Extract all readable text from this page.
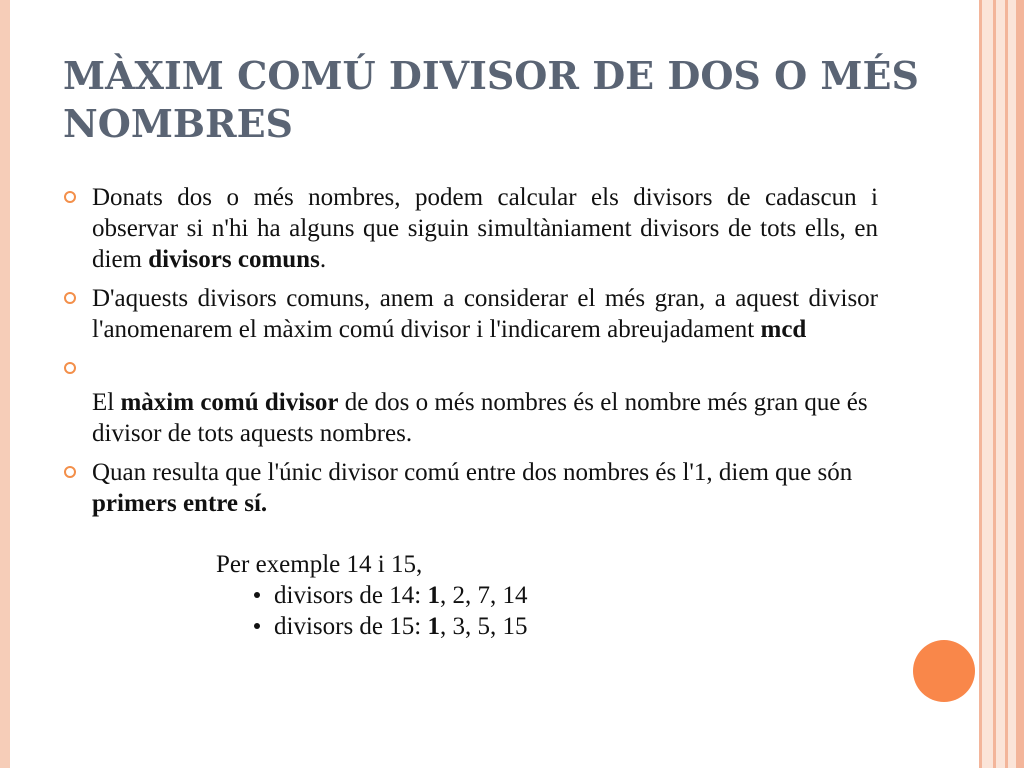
MÀXIM COMÚ DIVISOR DE DOS O MÉS NOMBRES
Donats dos o més nombres, podem calcular els divisors de cadascun i observar si n'hi ha alguns que siguin simultàniament divisors de tots ells, en diem divisors comuns.
D'aquests divisors comuns, anem a considerar el més gran, a aquest divisor l'anomenarem el màxim comú divisor i l'indicarem abreujadament mcd
El màxim comú divisor de dos o més nombres és el nombre més gran que és divisor de tots aquests nombres.
Quan resulta que l'únic divisor comú entre dos nombres és l'1, diem que són primers entre sí.
Per exemple 14 i 15,
divisors de 14: 1, 2, 7, 14
divisors de 15: 1, 3, 5, 15
